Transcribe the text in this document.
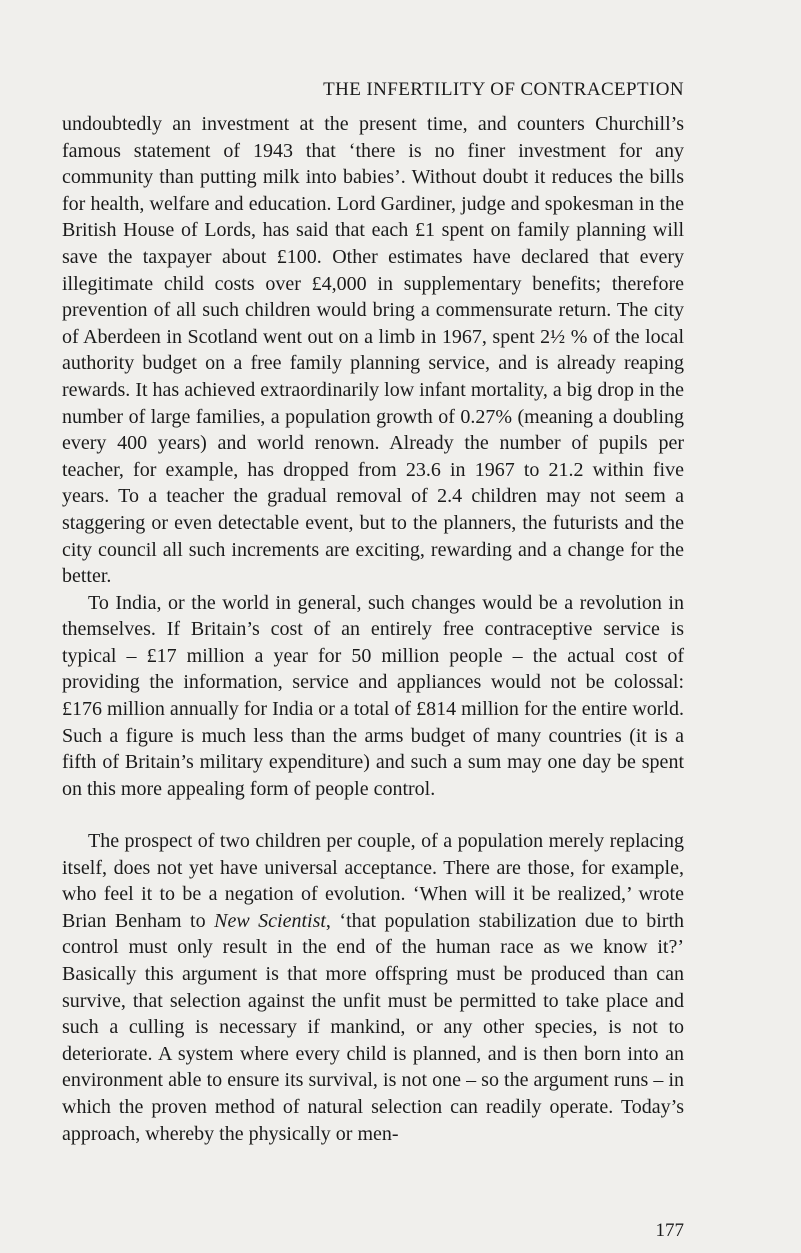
THE INFERTILITY OF CONTRACEPTION

undoubtedly an investment at the present time, and counters Churchill’s famous statement of 1943 that ‘there is no finer investment for any community than putting milk into babies’. Without doubt it reduces the bills for health, welfare and education. Lord Gardiner, judge and spokesman in the British House of Lords, has said that each £1 spent on family planning will save the taxpayer about £100. Other estimates have declared that every illegitimate child costs over £4,000 in supplementary benefits; therefore prevention of all such children would bring a commensurate return. The city of Aberdeen in Scotland went out on a limb in 1967, spent 2½ % of the local authority budget on a free family planning service, and is already reaping rewards. It has achieved extraordinarily low infant mortality, a big drop in the number of large families, a population growth of 0.27% (meaning a doubling every 400 years) and world renown. Already the number of pupils per teacher, for example, has dropped from 23.6 in 1967 to 21.2 within five years. To a teacher the gradual removal of 2.4 children may not seem a staggering or even detectable event, but to the planners, the futurists and the city council all such increments are exciting, rewarding and a change for the better.

To India, or the world in general, such changes would be a revolution in themselves. If Britain’s cost of an entirely free contraceptive service is typical – £17 million a year for 50 million people – the actual cost of providing the information, service and appliances would not be colossal: £176 million annually for India or a total of £814 million for the entire world. Such a figure is much less than the arms budget of many countries (it is a fifth of Britain’s military expenditure) and such a sum may one day be spent on this more appealing form of people control.

The prospect of two children per couple, of a population merely replacing itself, does not yet have universal acceptance. There are those, for example, who feel it to be a negation of evolution. ‘When will it be realized,’ wrote Brian Benham to New Scientist, ‘that population stabilization due to birth control must only result in the end of the human race as we know it?’ Basically this argument is that more offspring must be produced than can survive, that selection against the unfit must be permitted to take place and such a culling is necessary if mankind, or any other species, is not to deteriorate. A system where every child is planned, and is then born into an environment able to ensure its survival, is not one – so the argument runs – in which the proven method of natural selection can readily operate. Today’s approach, whereby the physically or men-

177
